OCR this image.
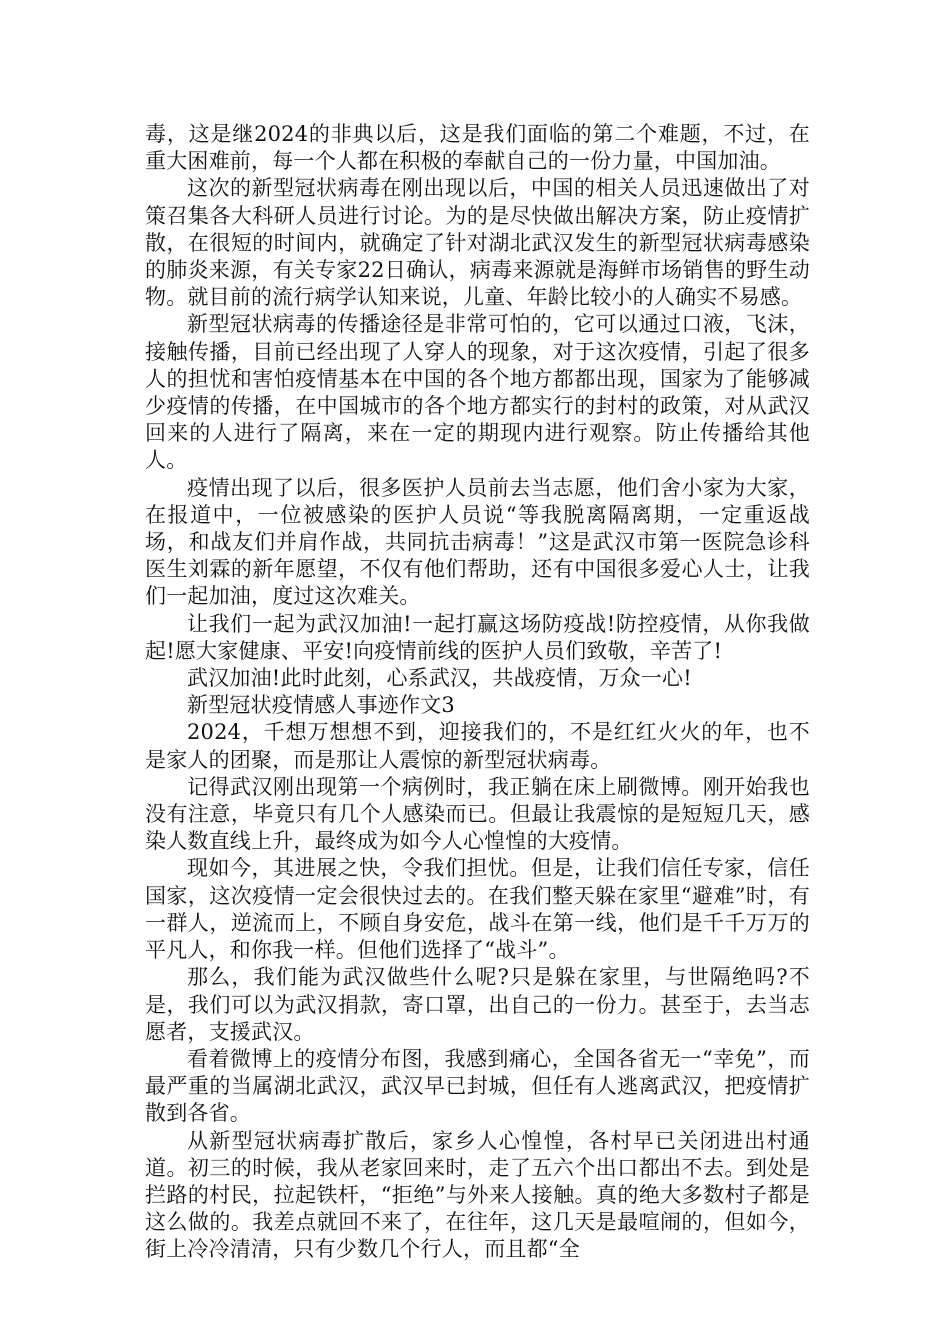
毒，这是继2024的非典以后，这是我们面临的第二个难题，不过，在重大困难前，每一个人都在积极的奉献自己的一份力量，中国加油。

这次的新型冠状病毒在刚出现以后，中国的相关人员迅速做出了对策召集各大科研人员进行讨论。为的是尽快做出解决方案，防止疫情扩散，在很短的时间内，就确定了针对湖北武汉发生的新型冠状病毒感染的肺炎来源，有关专家22日确认，病毒来源就是海鲜市场销售的野生动物。就目前的流行病学认知来说，儿童、年龄比较小的人确实不易感。

新型冠状病毒的传播途径是非常可怕的，它可以通过口液，飞沫，接触传播，目前已经出现了人穿人的现象，对于这次疫情，引起了很多人的担忧和害怕疫情基本在中国的各个地方都都出现，国家为了能够减少疫情的传播，在中国城市的各个地方都实行的封村的政策，对从武汉回来的人进行了隔离，来在一定的期现内进行观察。防止传播给其他人。

疫情出现了以后，很多医护人员前去当志愿，他们舍小家为大家，在报道中，一位被感染的医护人员说“等我脱离隔离期，一定重返战场，和战友们并肩作战，共同抗击病毒！”这是武汉市第一医院急诊科医生刘霖的新年愿望，不仅有他们帮助，还有中国很多爱心人士，让我们一起加油，度过这次难关。

让我们一起为武汉加油!一起打赢这场防疫战!防控疫情，从你我做起!愿大家健康、平安!向疫情前线的医护人员们致敬，辛苦了!

武汉加油!此时此刻，心系武汉，共战疫情，万众一心!

新型冠状疫情感人事迹作文3

2024，千想万想想不到，迎接我们的，不是红红火火的年，也不是家人的团聚，而是那让人震惊的新型冠状病毒。

记得武汉刚出现第一个病例时，我正躺在床上刷微博。刚开始我也没有注意，毕竟只有几个人感染而已。但最让我震惊的是短短几天，感染人数直线上升，最终成为如今人心惶惶的大疫情。

现如今，其进展之快，令我们担忧。但是，让我们信任专家，信任国家，这次疫情一定会很快过去的。在我们整天躲在家里“避难”时，有一群人，逆流而上，不顾自身安危，战斗在第一线，他们是千千万万的平凡人，和你我一样。但他们选择了“战斗”。

那么，我们能为武汉做些什么呢?只是躲在家里，与世隔绝吗?不是，我们可以为武汉捐款，寄口罩，出自己的一份力。甚至于，去当志愿者，支援武汉。

看着微博上的疫情分布图，我感到痛心，全国各省无一“幸免”，而最严重的当属湖北武汉，武汉早已封城，但任有人逃离武汉，把疫情扩散到各省。

从新型冠状病毒扩散后，家乡人心惶惶，各村早已关闭进出村通道。初三的时候，我从老家回来时，走了五六个出口都出不去。到处是拦路的村民，拉起铁杆，“拒绝”与外来人接触。真的绝大多数村子都是这么做的。我差点就回不来了，在往年，这几天是最喧闹的，但如今，街上冷冷清清，只有少数几个行人，而且都“全
